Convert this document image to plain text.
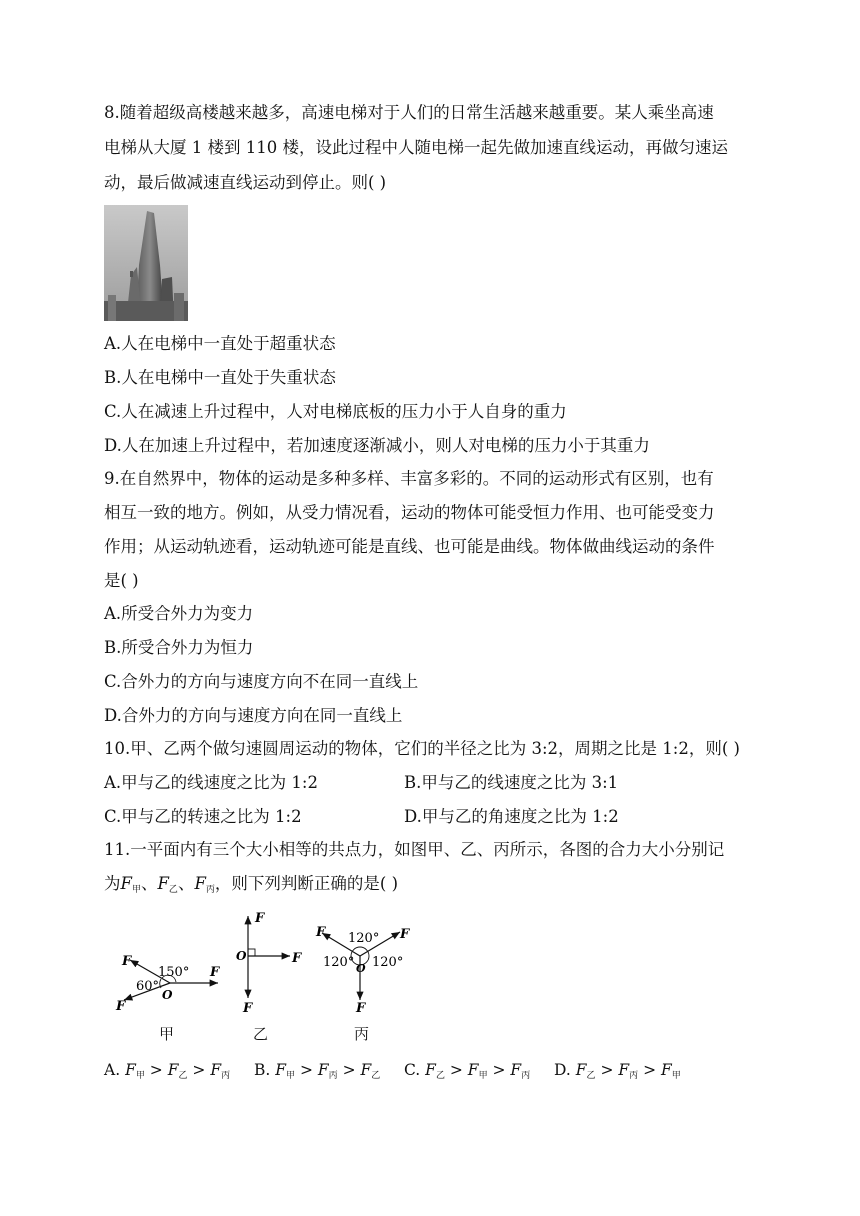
8.随着超级高楼越来越多，高速电梯对于人们的日常生活越来越重要。某人乘坐高速
电梯从大厦 1 楼到 110 楼，设此过程中人随电梯一起先做加速直线运动，再做匀速运
动，最后做减速直线运动到停止。则( )
A.人在电梯中一直处于超重状态
B.人在电梯中一直处于失重状态
C.人在减速上升过程中，人对电梯底板的压力小于人自身的重力
D.人在加速上升过程中，若加速度逐渐减小，则人对电梯的压力小于其重力
9.在自然界中，物体的运动是多种多样、丰富多彩的。不同的运动形式有区别，也有
相互一致的地方。例如，从受力情况看，运动的物体可能受恒力作用、也可能受变力
作用；从运动轨迹看，运动轨迹可能是直线、也可能是曲线。物体做曲线运动的条件
是( )
A.所受合外力为变力
B.所受合外力为恒力
C.合外力的方向与速度方向不在同一直线上
D.合外力的方向与速度方向在同一直线上
10.甲、乙两个做匀速圆周运动的物体，它们的半径之比为 3:2，周期之比是 1:2，则( )
A.甲与乙的线速度之比为 1:2	B.甲与乙的线速度之比为 3:1
C.甲与乙的转速之比为 1:2	D.甲与乙的角速度之比为 1:2
11.一平面内有三个大小相等的共点力，如图甲、乙、丙所示，各图的合力大小分别记
为$F_甲$、$F_乙$、$F_丙$，则下列判断正确的是( )
F
F
F
150°
60°
O
F
F
F
O
F	F
F
120°
120° 120°
O
甲	乙	丙
A. $F_甲 > F_乙 > F_丙$ B. $F_甲 > F_丙 > F_乙$ C. $F_乙 > F_甲 > F_丙$ D. $F_乙 > F_丙 > F_甲$
